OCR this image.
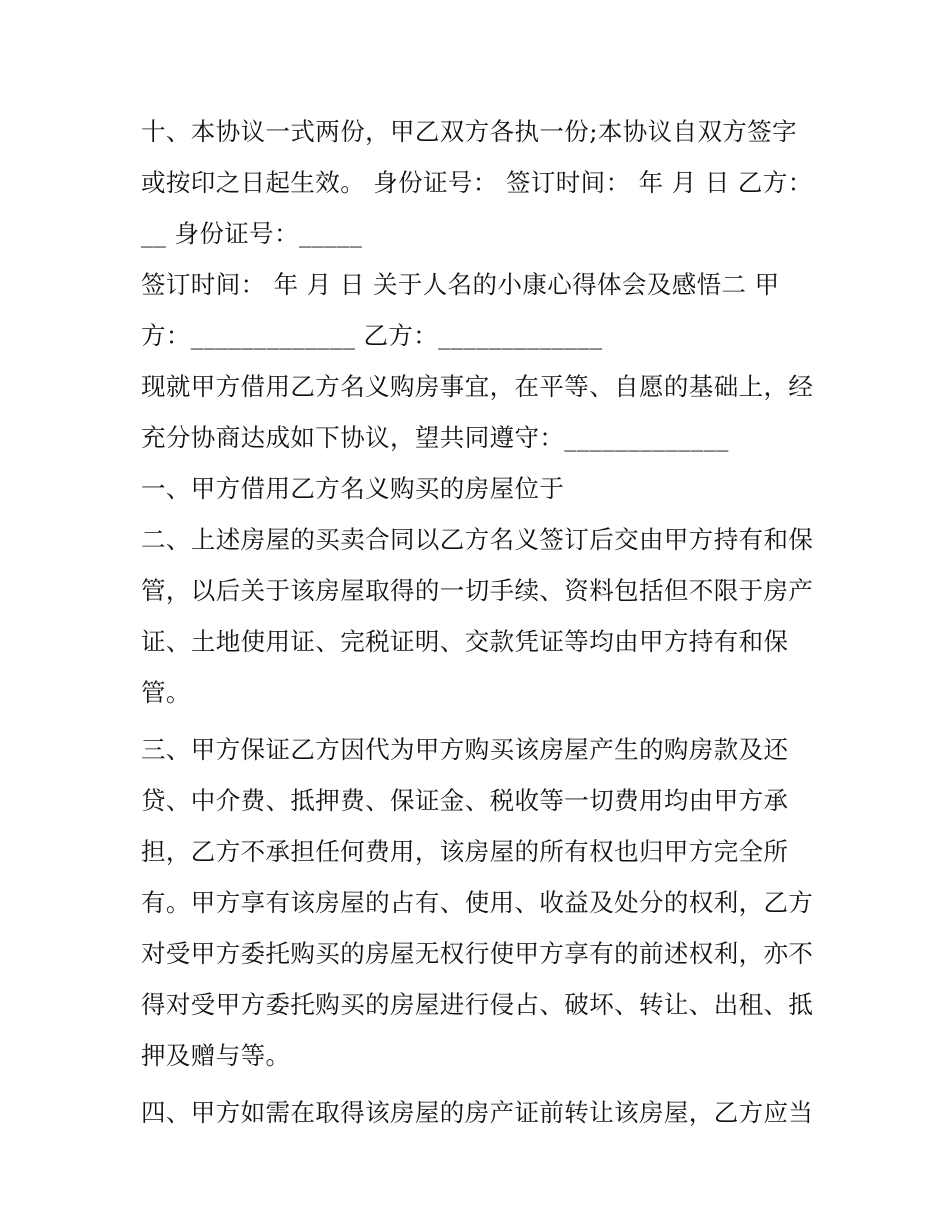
十、本协议一式两份，甲乙双方各执一份;本协议自双方签字
或按印之日起生效。 身份证号： 签订时间： 年 月 日 乙方：
__ 身份证号：_____
签订时间： 年 月 日 关于人名的小康心得体会及感悟二 甲
方：_____________ 乙方：_____________
现就甲方借用乙方名义购房事宜，在平等、自愿的基础上，经
充分协商达成如下协议，望共同遵守：_____________
一、甲方借用乙方名义购买的房屋位于
二、上述房屋的买卖合同以乙方名义签订后交由甲方持有和保
管，以后关于该房屋取得的一切手续、资料包括但不限于房产
证、土地使用证、完税证明、交款凭证等均由甲方持有和保
管。
三、甲方保证乙方因代为甲方购买该房屋产生的购房款及还
贷、中介费、抵押费、保证金、税收等一切费用均由甲方承
担，乙方不承担任何费用，该房屋的所有权也归甲方完全所
有。甲方享有该房屋的占有、使用、收益及处分的权利，乙方
对受甲方委托购买的房屋无权行使甲方享有的前述权利，亦不
得对受甲方委托购买的房屋进行侵占、破坏、转让、出租、抵
押及赠与等。
四、甲方如需在取得该房屋的房产证前转让该房屋，乙方应当
